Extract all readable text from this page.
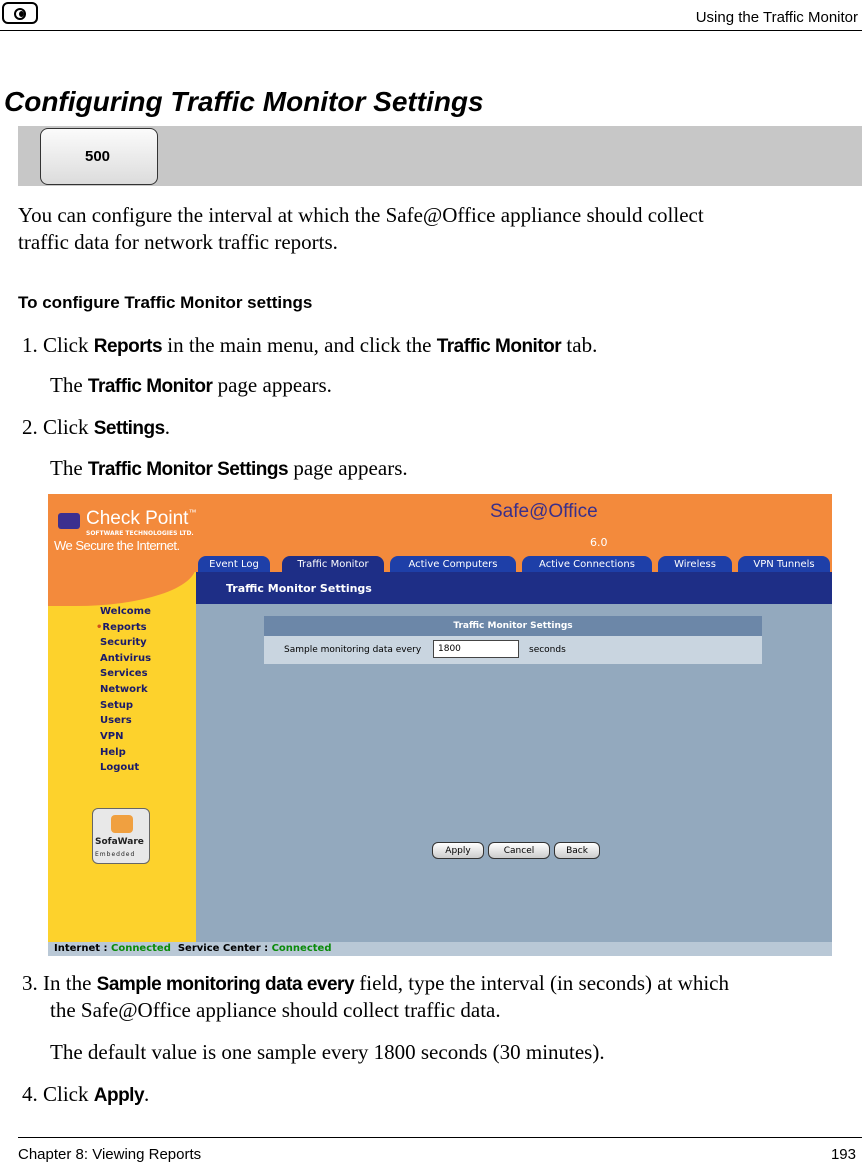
Using the Traffic Monitor
Configuring Traffic Monitor Settings
500
You can configure the interval at which the Safe@Office appliance should collect
traffic data for network traffic reports.
To configure Traffic Monitor settings
1. Click Reports in the main menu, and click the Traffic Monitor tab.
The Traffic Monitor page appears.
2. Click Settings.
The Traffic Monitor Settings page appears.
Check Point™
SOFTWARE TECHNOLOGIES LTD.
We Secure the Internet.
Safe@Office
6.0
Event Log	Traffic Monitor	Active Computers	Active Connections	Wireless	VPN Tunnels
Traffic Monitor Settings
Welcome
•Reports
Security
Antivirus
Services
Network
Setup
Users
VPN
Help
Logout
SofaWare
Embedded
Traffic Monitor Settings
Sample monitoring data every	1800	seconds
Apply	Cancel	Back
Internet : Connected Service Center : Connected
3. In the Sample monitoring data every field, type the interval (in seconds) at which
the Safe@Office appliance should collect traffic data.
The default value is one sample every 1800 seconds (30 minutes).
4. Click Apply.
Chapter 8: Viewing Reports	193
